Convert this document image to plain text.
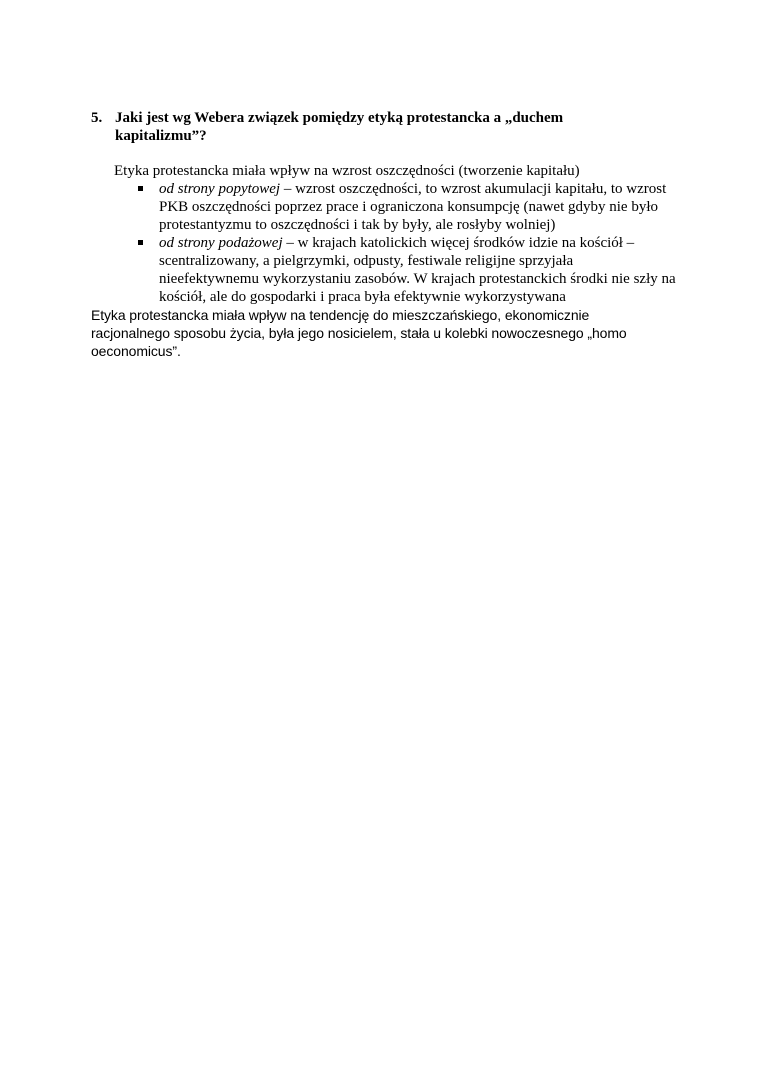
5. Jaki jest wg Webera związek pomiędzy etyką protestancka a „duchem kapitalizmu”?
Etyka protestancka miała wpływ na wzrost oszczędności (tworzenie kapitału)
od strony popytowej – wzrost oszczędności, to wzrost akumulacji kapitału, to wzrost PKB oszczędności poprzez prace i ograniczona konsumpcję (nawet gdyby nie było protestantyzmu to oszczędności i tak by były, ale rosłyby wolniej)
od strony podażowej – w krajach katolickich więcej środków idzie na kościół – scentralizowany, a pielgrzymki, odpusty, festiwale religijne sprzyjała nieefektywnemu wykorzystaniu zasobów. W krajach protestanckich środki nie szły na kościół, ale do gospodarki i praca była efektywnie wykorzystywana
Etyka protestancka miała wpływ na tendencję do mieszczańskiego, ekonomicznie racjonalnego sposobu życia, była jego nosicielem, stała u kolebki nowoczesnego „homo oeconomicus”.
